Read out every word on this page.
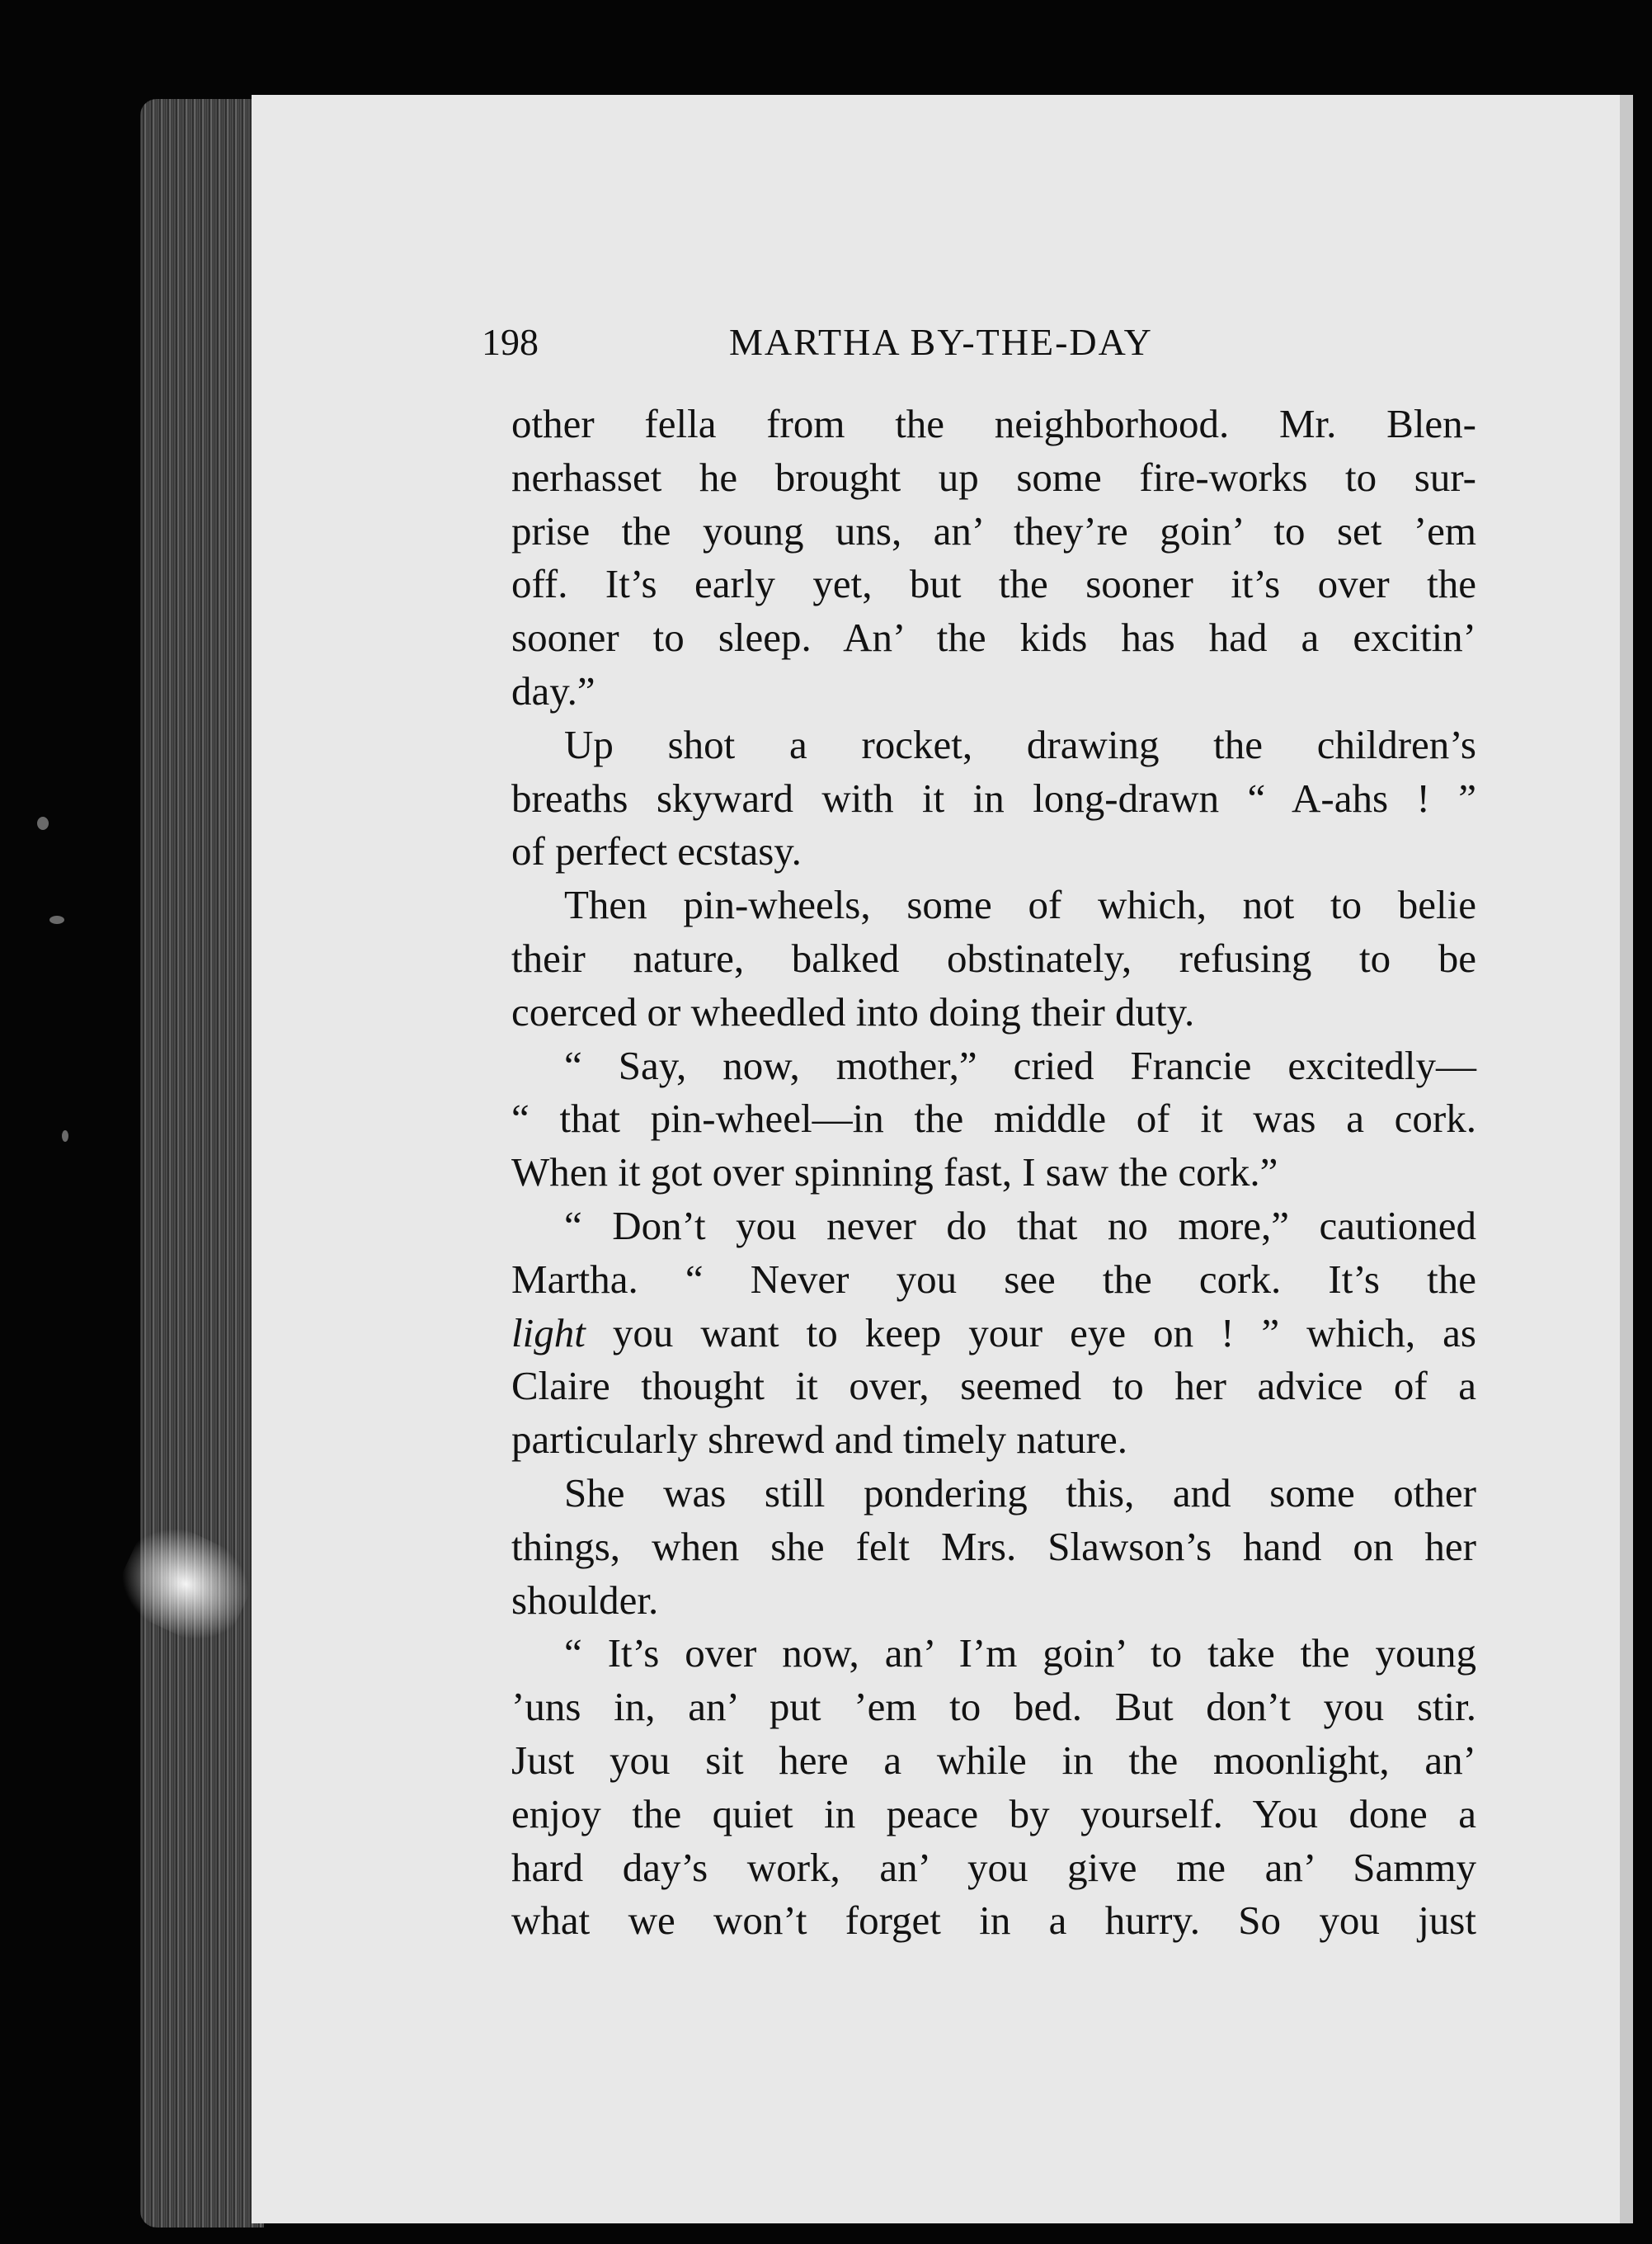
198	MARTHA BY-THE-DAY
other fella from the neighborhood. Mr. Blen-
nerhasset he brought up some fire-works to sur-
prise the young uns, an’ they’re goin’ to set ’em
off. It’s early yet, but the sooner it’s over the
sooner to sleep. An’ the kids has had a excitin’
day.”
Up shot a rocket, drawing the children’s
breaths skyward with it in long-drawn “ A-ahs ! ”
of perfect ecstasy.
Then pin-wheels, some of which, not to belie
their nature, balked obstinately, refusing to be
coerced or wheedled into doing their duty.
“ Say, now, mother,” cried Francie excitedly—
“ that pin-wheel—in the middle of it was a cork.
When it got over spinning fast, I saw the cork.”
“ Don’t you never do that no more,” cautioned
Martha. “ Never you see the cork. It’s the
light you want to keep your eye on ! ” which, as
Claire thought it over, seemed to her advice of a
particularly shrewd and timely nature.
She was still pondering this, and some other
things, when she felt Mrs. Slawson’s hand on her
shoulder.
“ It’s over now, an’ I’m goin’ to take the young
’uns in, an’ put ’em to bed. But don’t you stir.
Just you sit here a while in the moonlight, an’
enjoy the quiet in peace by yourself. You done a
hard day’s work, an’ you give me an’ Sammy
what we won’t forget in a hurry. So you just
